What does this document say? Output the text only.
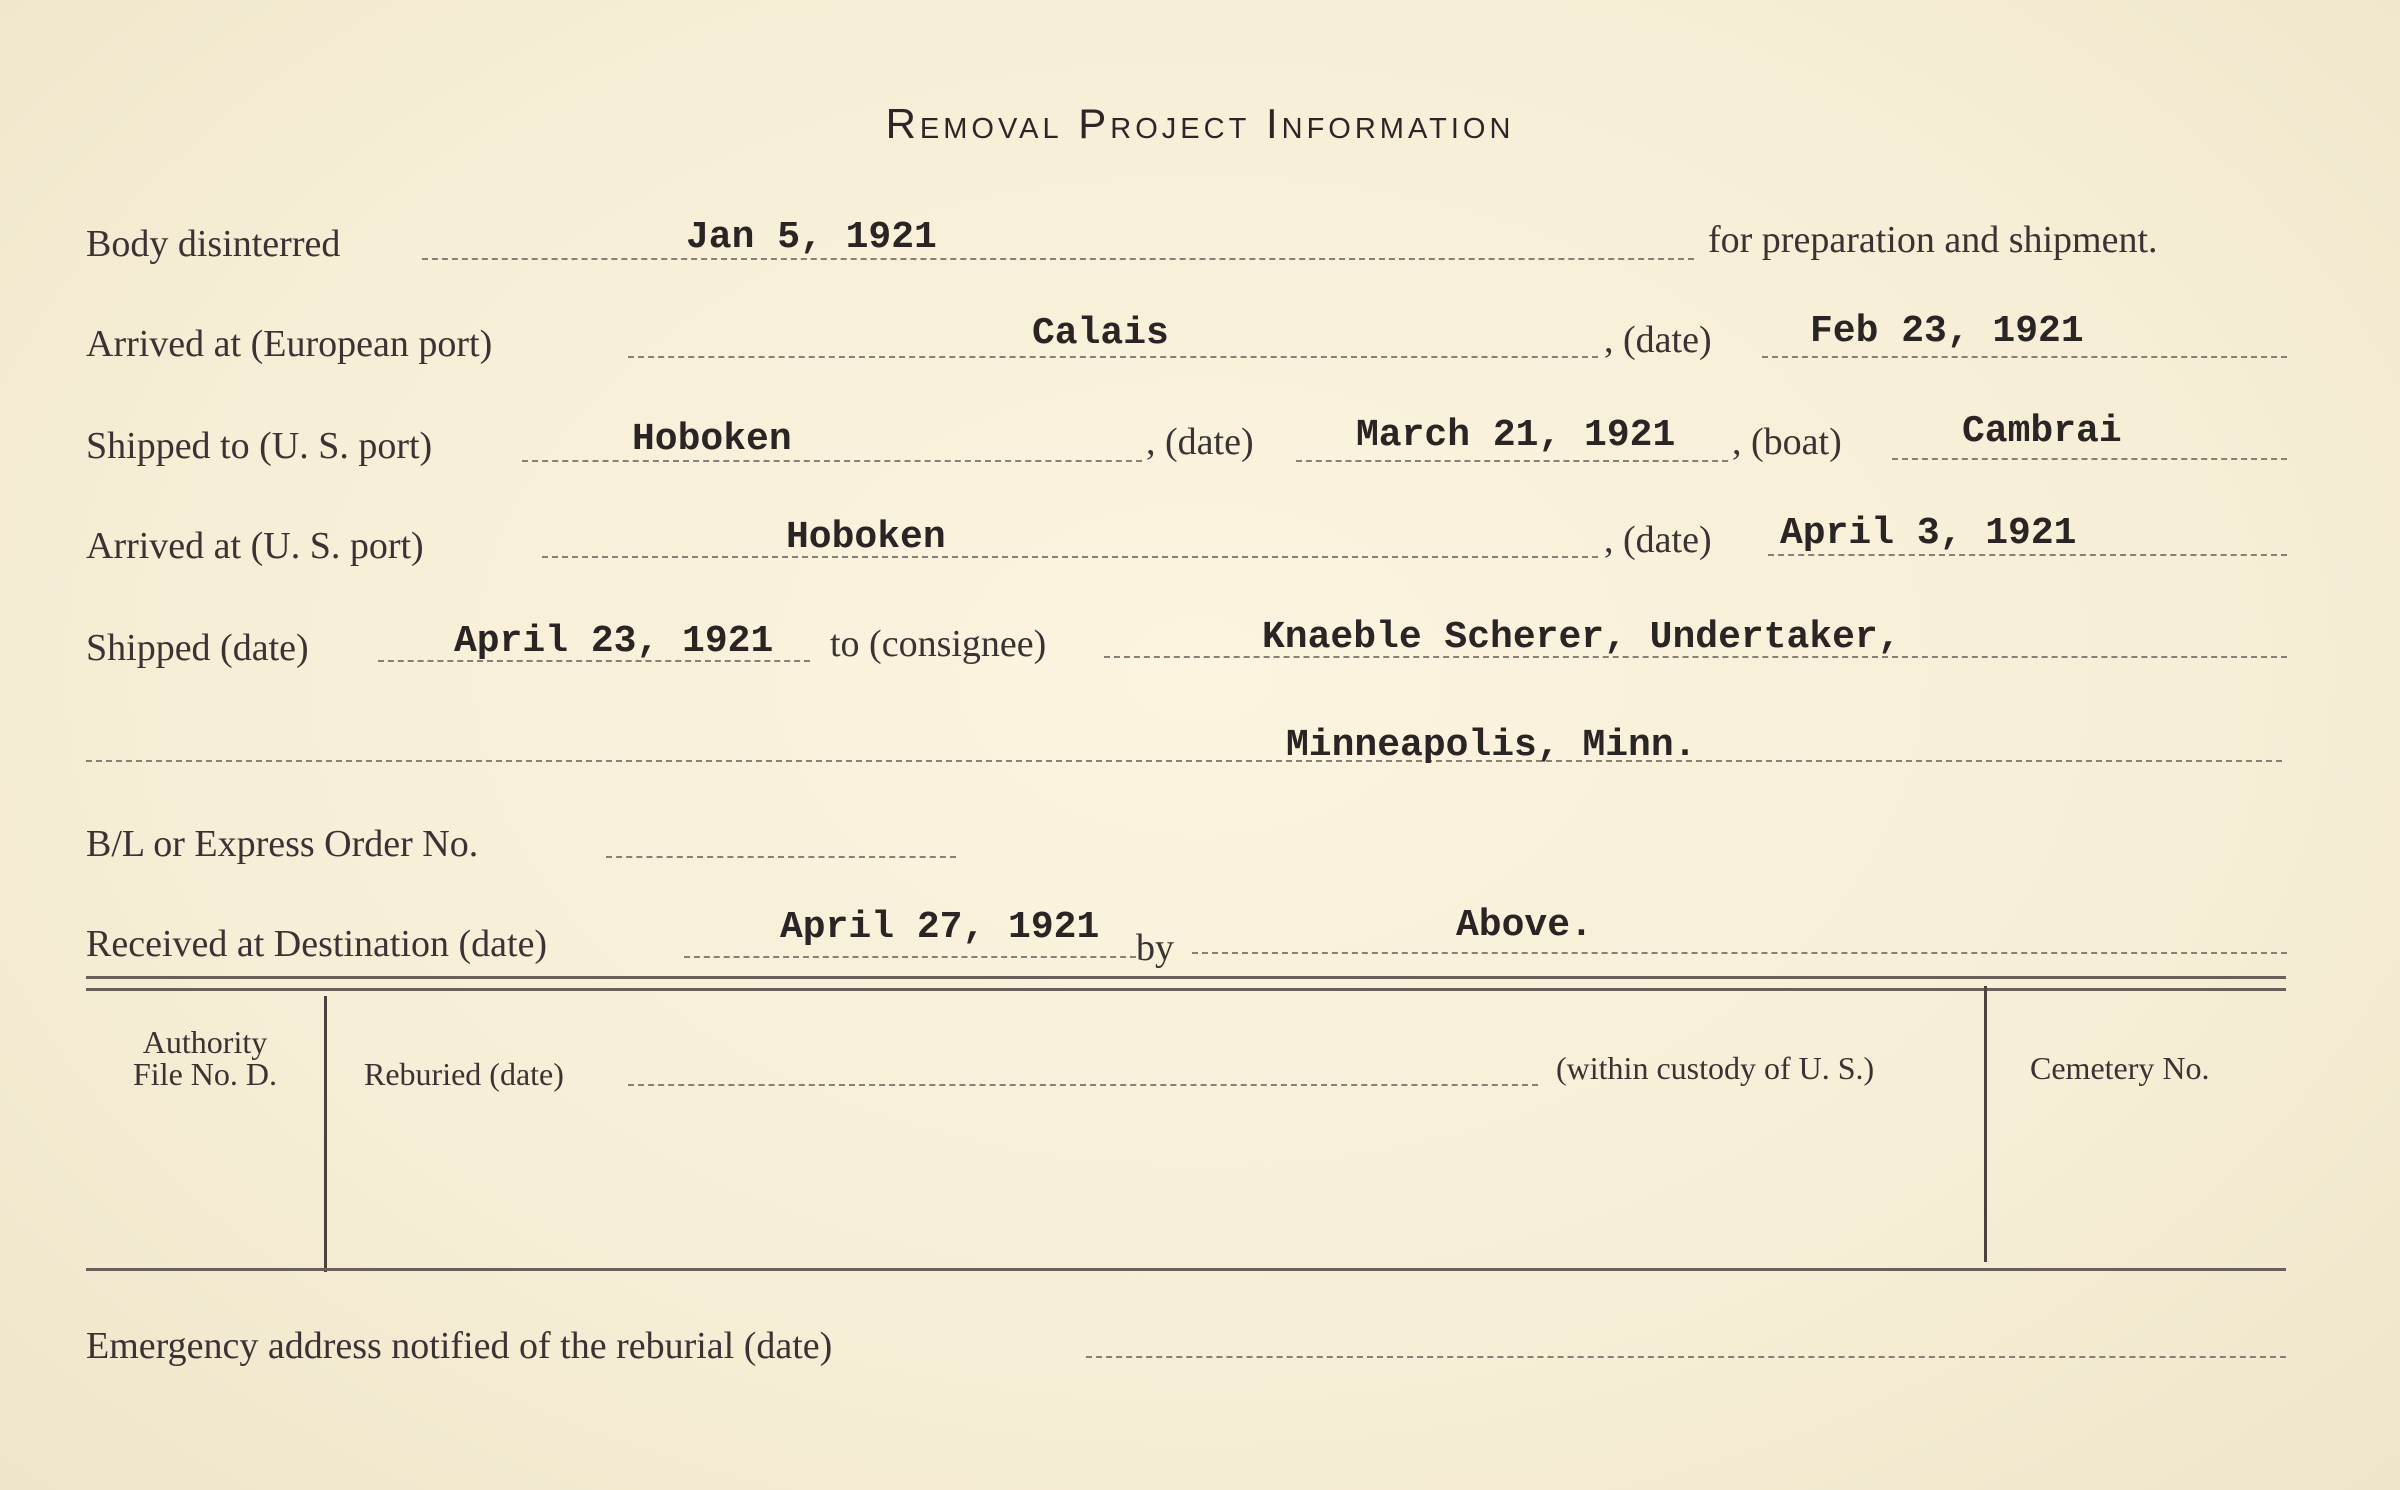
Removal Project Information
Body disinterred	Jan 5, 1921	for preparation and shipment.
Arrived at (European port)	Calais	, (date)	Feb 23, 1921
Shipped to (U. S. port)	Hoboken	, (date)	March 21, 1921 , (boat)	Cambrai
Arrived at (U. S. port)	Hoboken	, (date) April 3, 1921
Shipped (date)	April 23, 1921 to (consignee)	Knaeble Scherer, Undertaker,
Minneapolis, Minn.
B/L or Express Order No.
Received at Destination (date)	April 27, 1921 by
Above.
Authority
File No. D.	Reburied (date)	(within custody of U. S.)	Cemetery No.
Emergency address notified of the reburial (date)
